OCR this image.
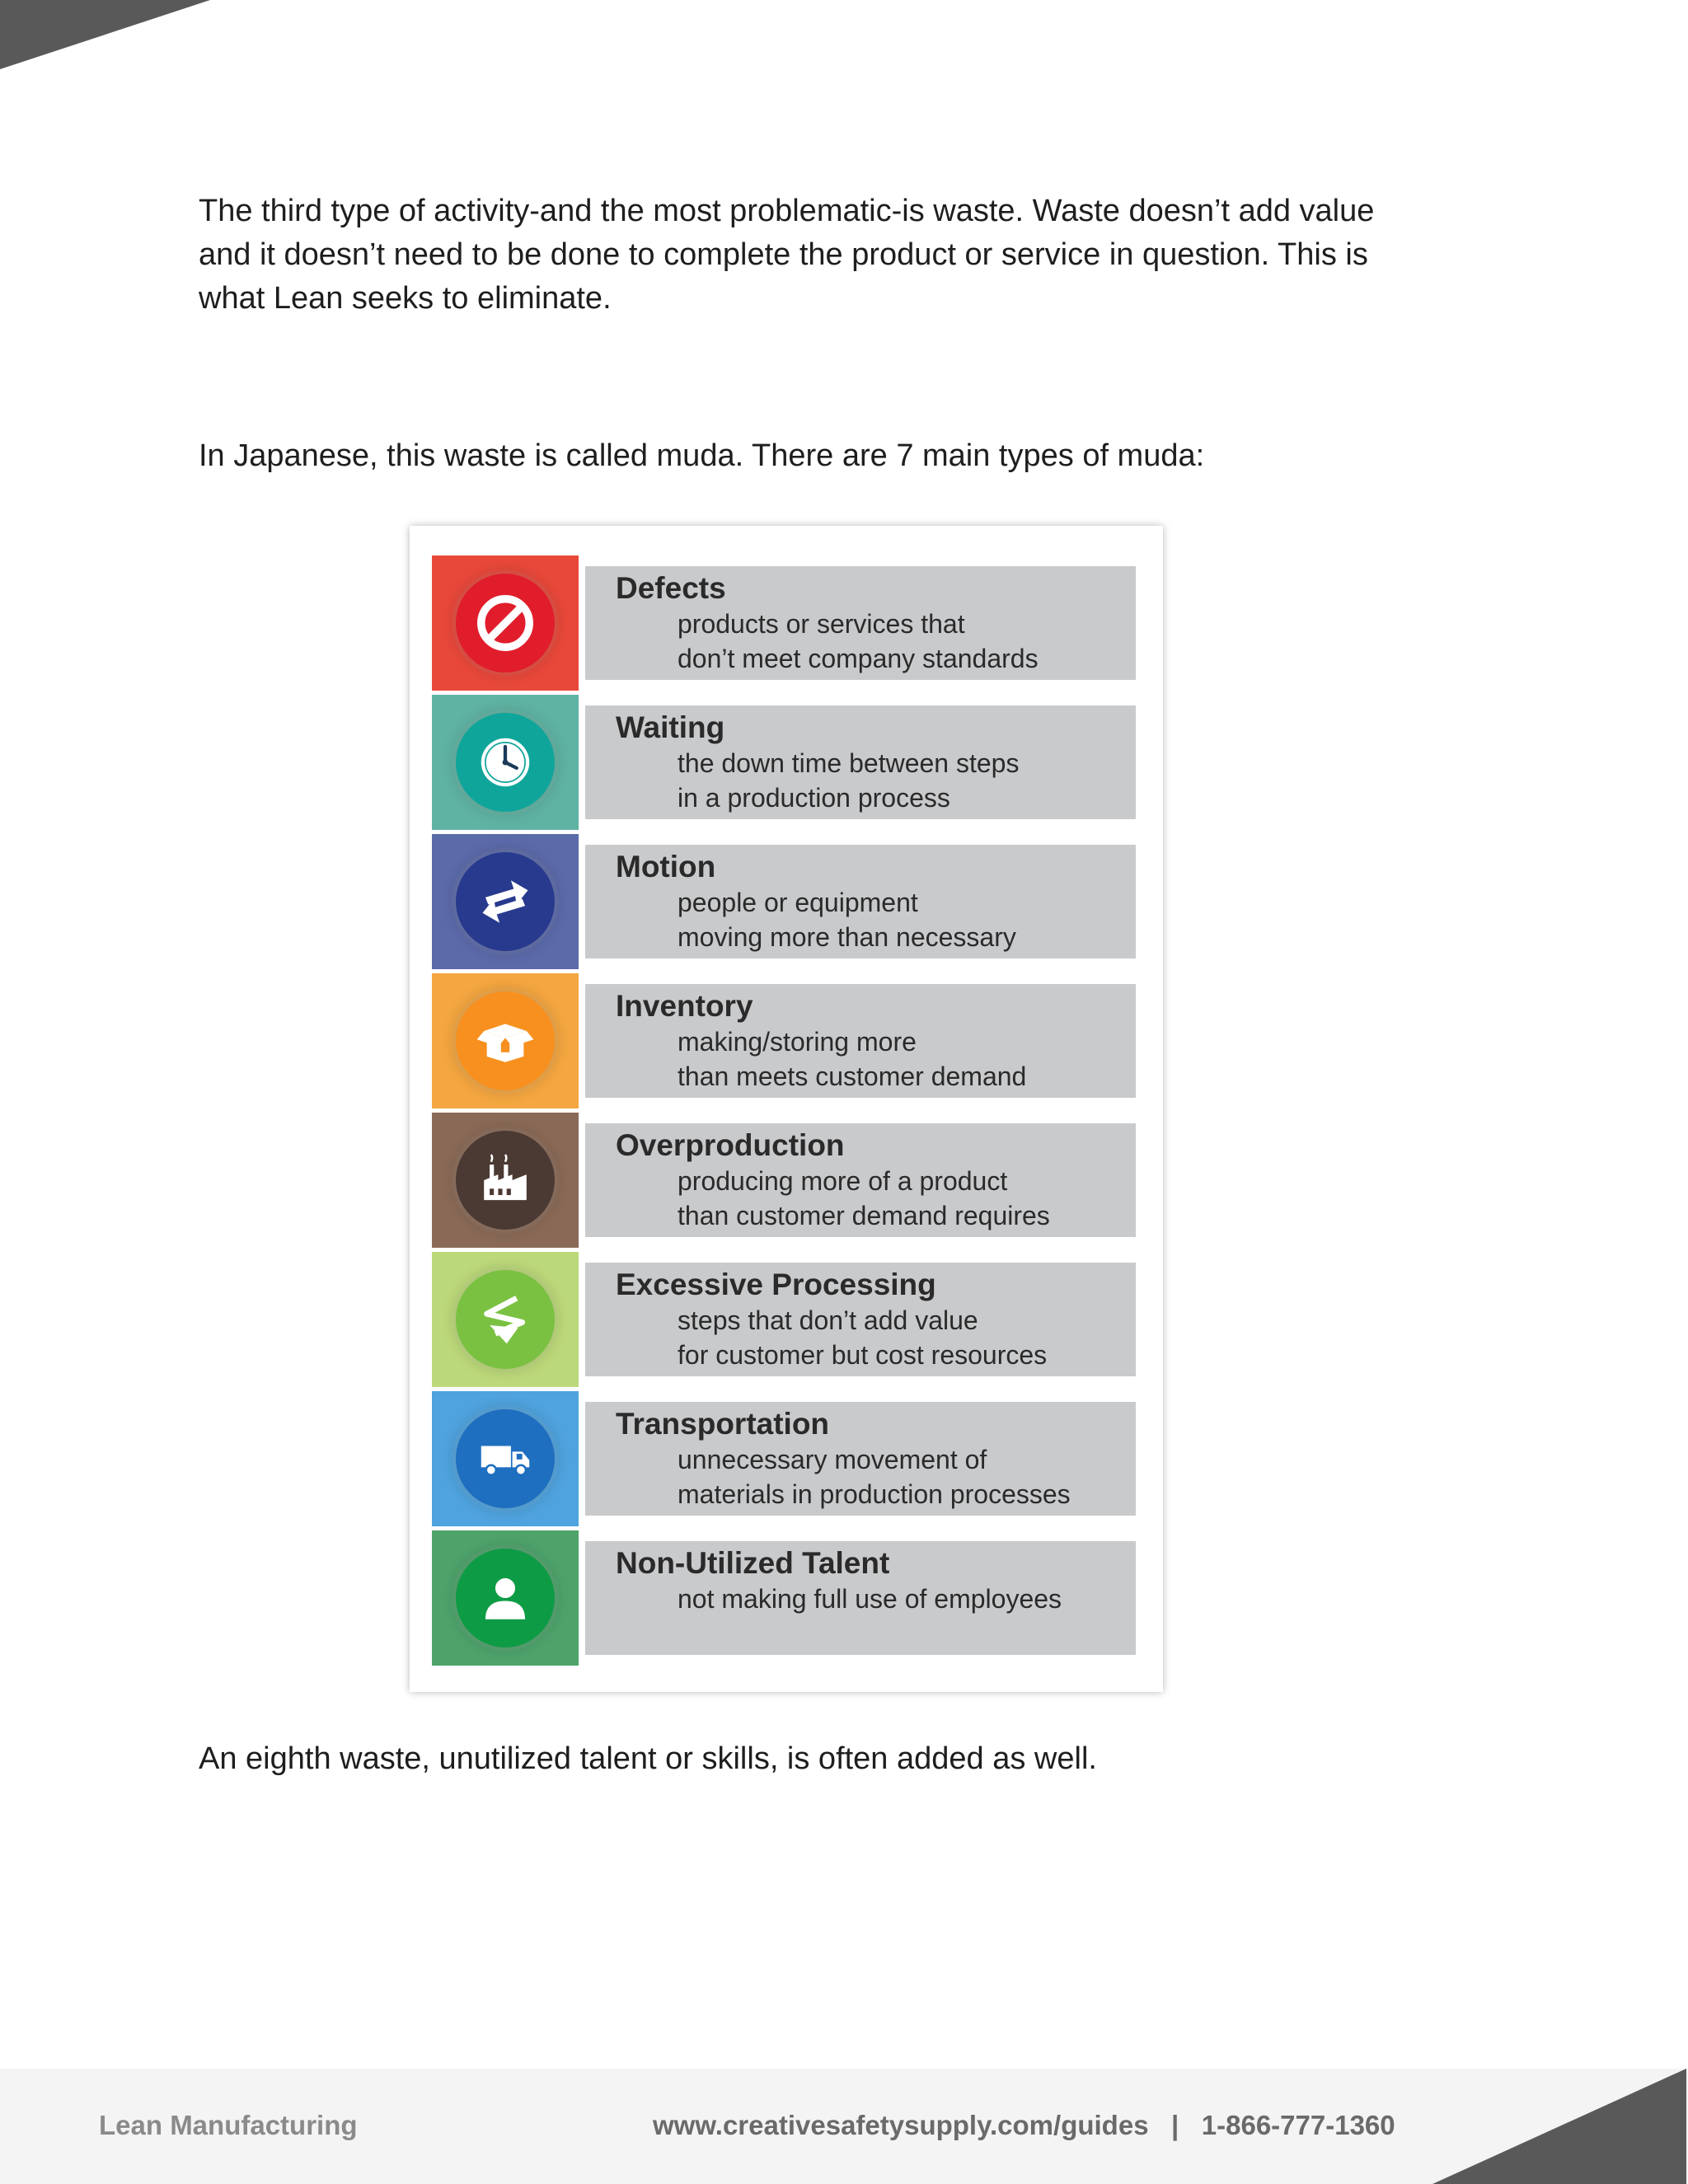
The third type of activity-and the most problematic-is waste. Waste doesn’t add value and it doesn’t need to be done to complete the product or service in question. This is what Lean seeks to eliminate.

In Japanese, this waste is called muda. There are 7 main types of muda:

Defects
products or services that
don’t meet company standards
Waiting
the down time between steps
in a production process
Motion
people or equipment
moving more than necessary
Inventory
making/storing more
than meets customer demand
Overproduction
producing more of a product
than customer demand requires
Excessive Processing
steps that don’t add value
for customer but cost resources
Transportation
unnecessary movement of
materials in production processes
Non-Utilized Talent
not making full use of employees

An eighth waste, unutilized talent or skills, is often added as well.

Lean Manufacturing	www.creativesafetysupply.com/guides   |   1-866-777-1360
